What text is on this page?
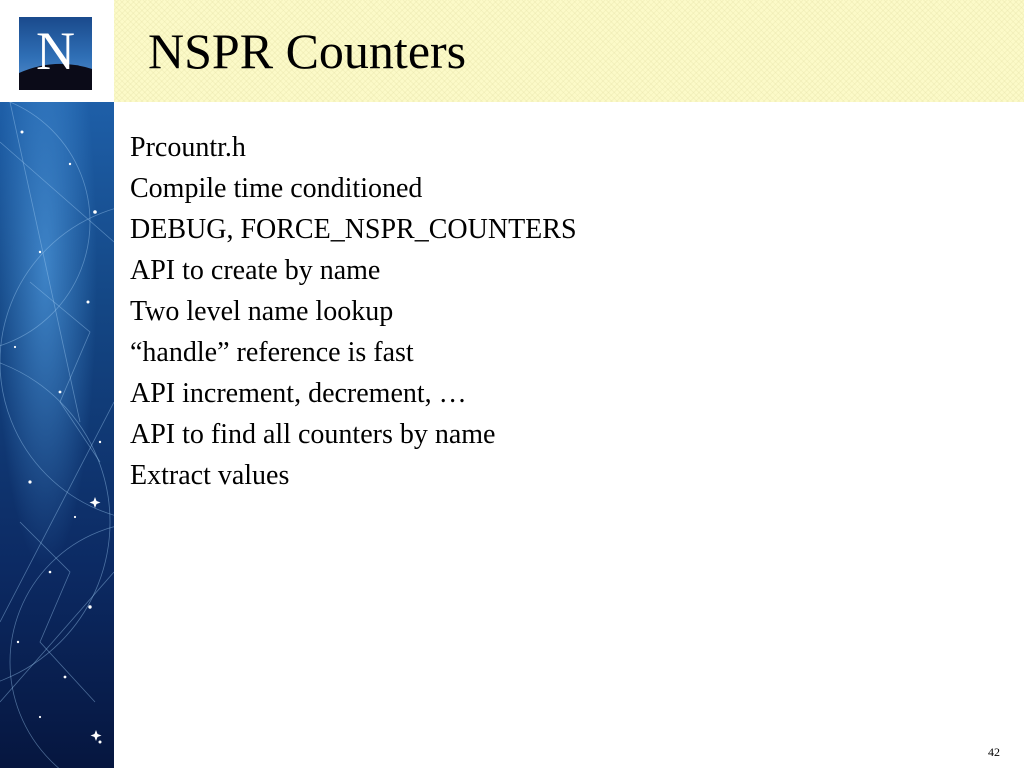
N NSPR Counters
Prcountr.h
Compile time conditioned
DEBUG, FORCE_NSPR_COUNTERS
API to create by name
Two level name lookup
“handle” reference is fast
API increment, decrement, …
API to find all counters by name
Extract values
42
